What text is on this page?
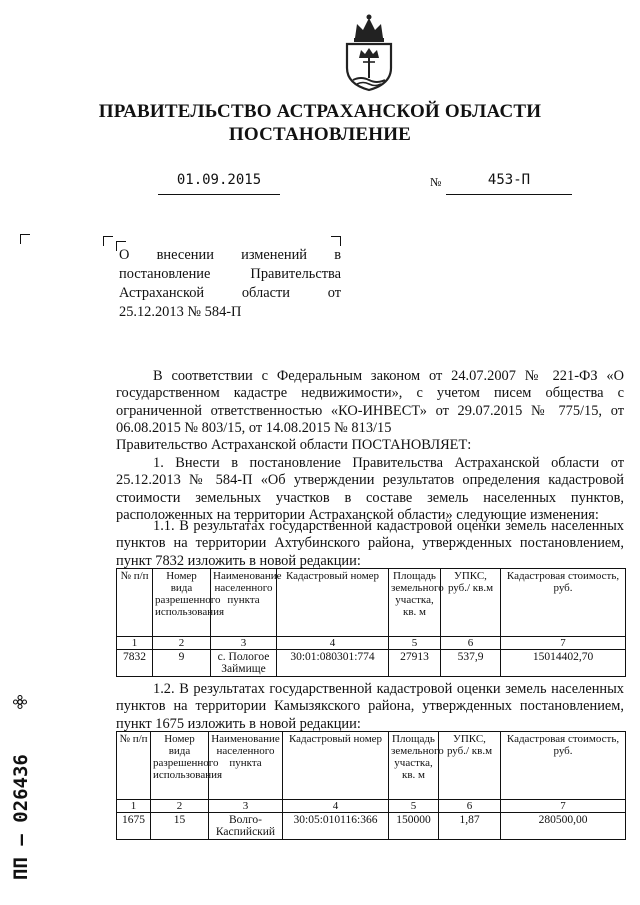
ПРАВИТЕЛЬСТВО АСТРАХАНСКОЙ ОБЛАСТИ
ПОСТАНОВЛЕНИЕ
01.09.2015	№	453-П
О внесении изменений в постановление Правительства Астраханской области от 25.12.2013 № 584-П
В соответствии с Федеральным законом от 24.07.2007 № 221-ФЗ «О государственном кадастре недвижимости», с учетом писем общества с ограниченной ответственностью «КО-ИНВЕСТ» от 29.07.2015 № 775/15, от 06.08.2015 № 803/15, от 14.08.2015 № 813/15
Правительство Астраханской области ПОСТАНОВЛЯЕТ:
1. Внести в постановление Правительства Астраханской области от 25.12.2013 № 584-П «Об утверждении результатов определения кадастровой стоимости земельных участков в составе земель населенных пунктов, расположенных на территории Астраханской области» следующие изменения:
1.1. В результатах государственной кадастровой оценки земель населенных пунктов на территории Ахтубинского района, утвержденных постановлением, пункт 7832 изложить в новой редакции:
№ п/п	Номер вида разрешенного использования	Наименование населенного пункта	Кадастровый номер	Площадь земельного участка, кв. м	УПКС, руб./ кв.м	Кадастровая стоимость, руб.
1	2	3	4	5	6	7
7832	9	с. Пологое Займище	30:01:080301:774	27913	537,9	15014402,70
1.2. В результатах государственной кадастровой оценки земель населенных пунктов на территории Камызякского района, утвержденных постановлением, пункт 1675 изложить в новой редакции:
№ п/п	Номер вида разрешенного использования	Наименование населенного пункта	Кадастровый номер	Площадь земельного участка, кв. м	УПКС, руб./ кв.м	Кадастровая стоимость, руб.
1	2	3	4	5	6	7
1675	15	Волго-Каспийский	30:05:010116:366	150000	1,87	280500,00
ПП – 026436
